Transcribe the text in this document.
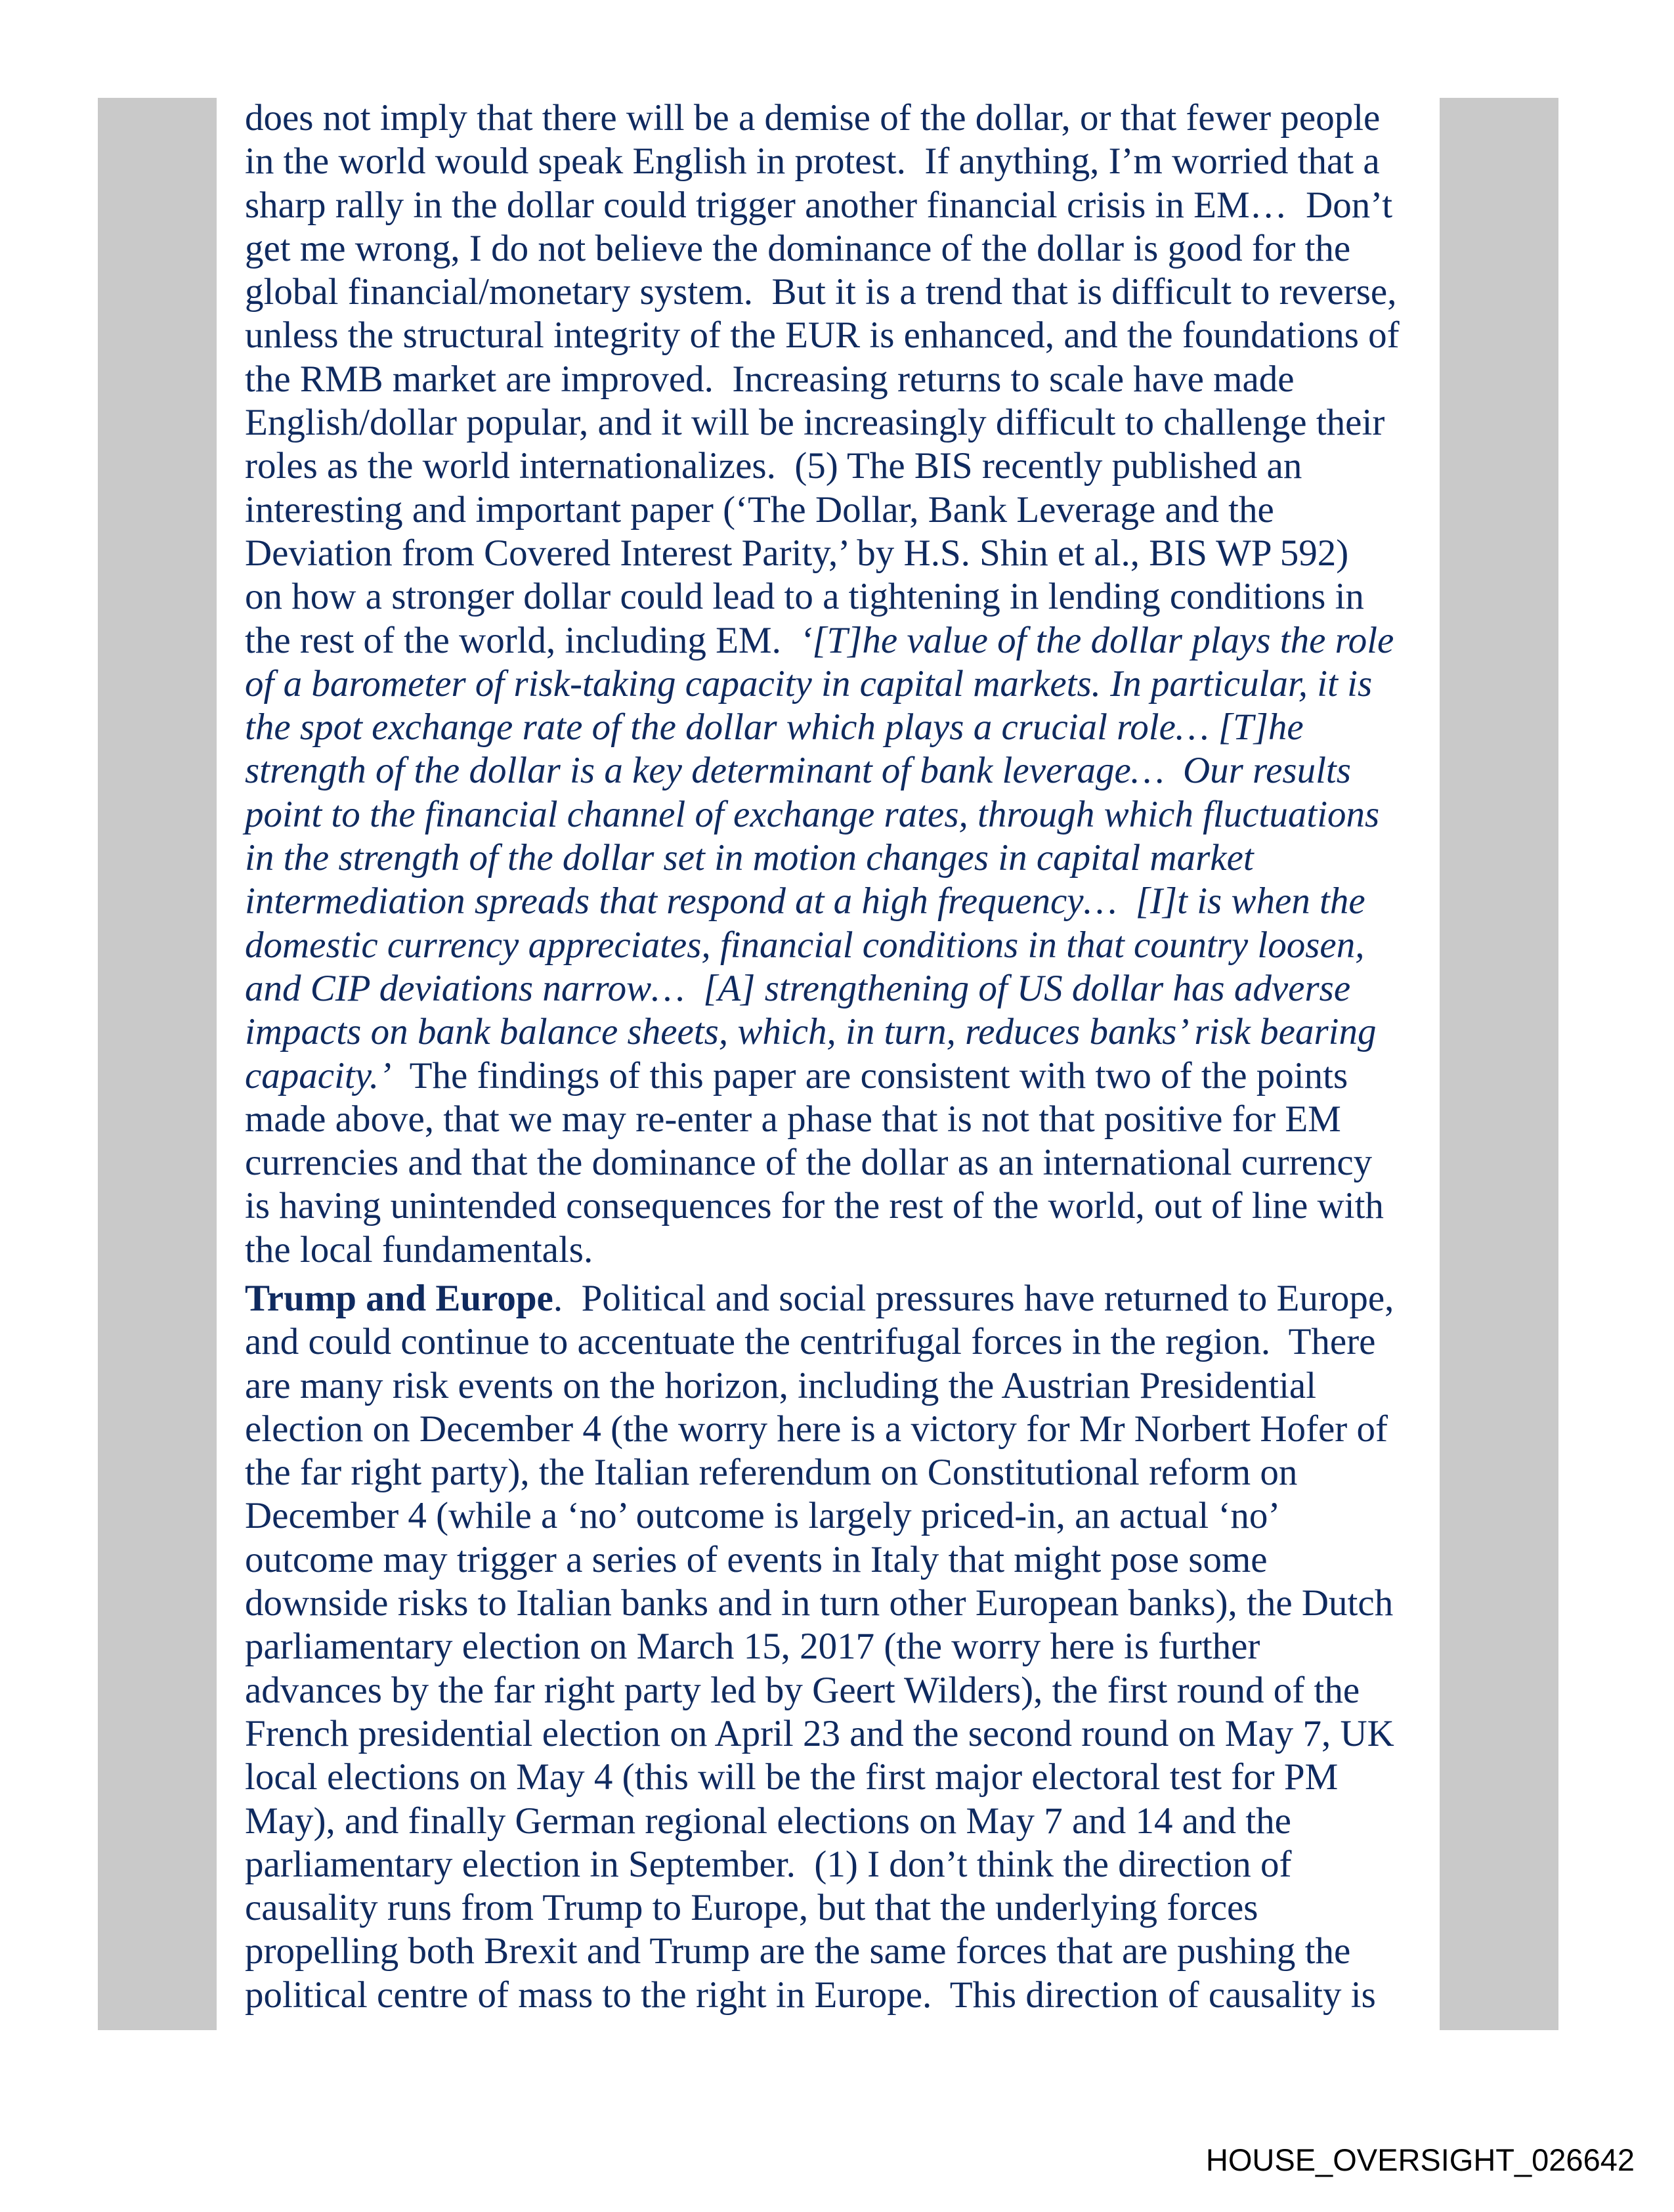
does not imply that there will be a demise of the dollar, or that fewer people
in the world would speak English in protest.  If anything, I’m worried that a
sharp rally in the dollar could trigger another financial crisis in EM…  Don’t
get me wrong, I do not believe the dominance of the dollar is good for the
global financial/monetary system.  But it is a trend that is difficult to reverse,
unless the structural integrity of the EUR is enhanced, and the foundations of
the RMB market are improved.  Increasing returns to scale have made
English/dollar popular, and it will be increasingly difficult to challenge their
roles as the world internationalizes.  (5) The BIS recently published an
interesting and important paper (‘The Dollar, Bank Leverage and the
Deviation from Covered Interest Parity,’ by H.S. Shin et al., BIS WP 592)
on how a stronger dollar could lead to a tightening in lending conditions in
the rest of the world, including EM.  ‘[T]he value of the dollar plays the role
of a barometer of risk-taking capacity in capital markets. In particular, it is
the spot exchange rate of the dollar which plays a crucial role… [T]he
strength of the dollar is a key determinant of bank leverage…  Our results
point to the financial channel of exchange rates, through which fluctuations
in the strength of the dollar set in motion changes in capital market
intermediation spreads that respond at a high frequency…  [I]t is when the
domestic currency appreciates, financial conditions in that country loosen,
and CIP deviations narrow…  [A] strengthening of US dollar has adverse
impacts on bank balance sheets, which, in turn, reduces banks’ risk bearing
capacity.’  The findings of this paper are consistent with two of the points
made above, that we may re-enter a phase that is not that positive for EM
currencies and that the dominance of the dollar as an international currency
is having unintended consequences for the rest of the world, out of line with
the local fundamentals.
Trump and Europe.  Political and social pressures have returned to Europe,
and could continue to accentuate the centrifugal forces in the region.  There
are many risk events on the horizon, including the Austrian Presidential
election on December 4 (the worry here is a victory for Mr Norbert Hofer of
the far right party), the Italian referendum on Constitutional reform on
December 4 (while a ‘no’ outcome is largely priced-in, an actual ‘no’
outcome may trigger a series of events in Italy that might pose some
downside risks to Italian banks and in turn other European banks), the Dutch
parliamentary election on March 15, 2017 (the worry here is further
advances by the far right party led by Geert Wilders), the first round of the
French presidential election on April 23 and the second round on May 7, UK
local elections on May 4 (this will be the first major electoral test for PM
May), and finally German regional elections on May 7 and 14 and the
parliamentary election in September.  (1) I don’t think the direction of
causality runs from Trump to Europe, but that the underlying forces
propelling both Brexit and Trump are the same forces that are pushing the
political centre of mass to the right in Europe.  This direction of causality is
HOUSE_OVERSIGHT_026642
